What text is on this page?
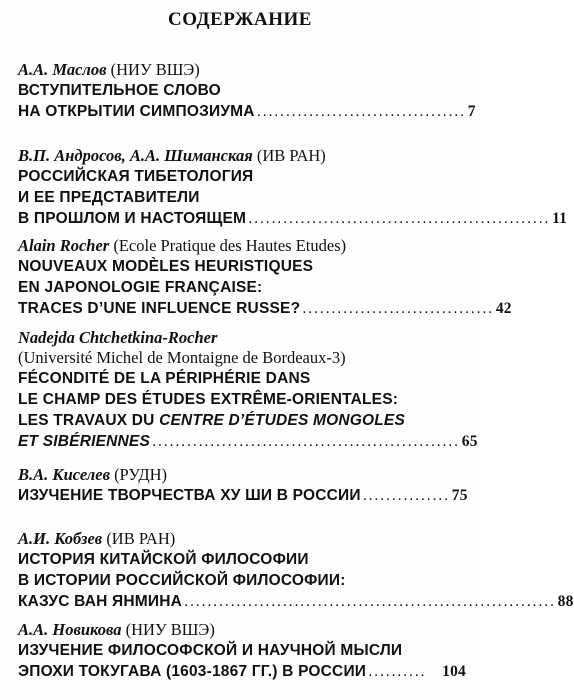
СОДЕРЖАНИЕ
А.А. Маслов (НИУ ВШЭ)
ВСТУПИТЕЛЬНОЕ СЛОВО
НА ОТКРЫТИИ СИМПОЗИУМА .................................... 7
В.П. Андросов, А.А. Шиманская (ИВ РАН)
РОССИЙСКАЯ ТИБЕТОЛОГИЯ
И ЕЕ ПРЕДСТАВИТЕЛИ
В ПРОШЛОМ И НАСТОЯЩЕМ .................................................... 11
Alain Rocher (Ecole Pratique des Hautes Etudes)
NOUVEAUX MODÈLES HEURISTIQUES
EN JAPONOLOGIE FRANÇAISE:
TRACES D’UNE INFLUENCE RUSSE? ................................. 42
Nadejda Chtchetkina-Rocher
(Université Michel de Montaigne de Bordeaux-3)
FÉCONDITÉ DE LA PÉRIPHÉRIE DANS
LE CHAMP DES ÉTUDES EXTRÊME-ORIENTALES:
LES TRAVAUX DU CENTRE D’ÉTUDES MONGOLES
ET SIBÉRIENNES ..................................................... 65
В.А. Киселев (РУДН)
ИЗУЧЕНИЕ ТВОРЧЕСТВА ХУ ШИ В РОССИИ ............... 75
А.И. Кобзев (ИВ РАН)
ИСТОРИЯ КИТАЙСКОЙ ФИЛОСОФИИ
В ИСТОРИИ РОССИЙСКОЙ ФИЛОСОФИИ:
КАЗУС ВАН ЯНМИНА ................................................................ 88
А.А. Новикова (НИУ ВШЭ)
ИЗУЧЕНИЕ ФИЛОСОФСКОЙ И НАУЧНОЙ МЫСЛИ
ЭПОХИ ТОКУГАВА (1603-1867 ГГ.) В РОССИИ ..........	104
